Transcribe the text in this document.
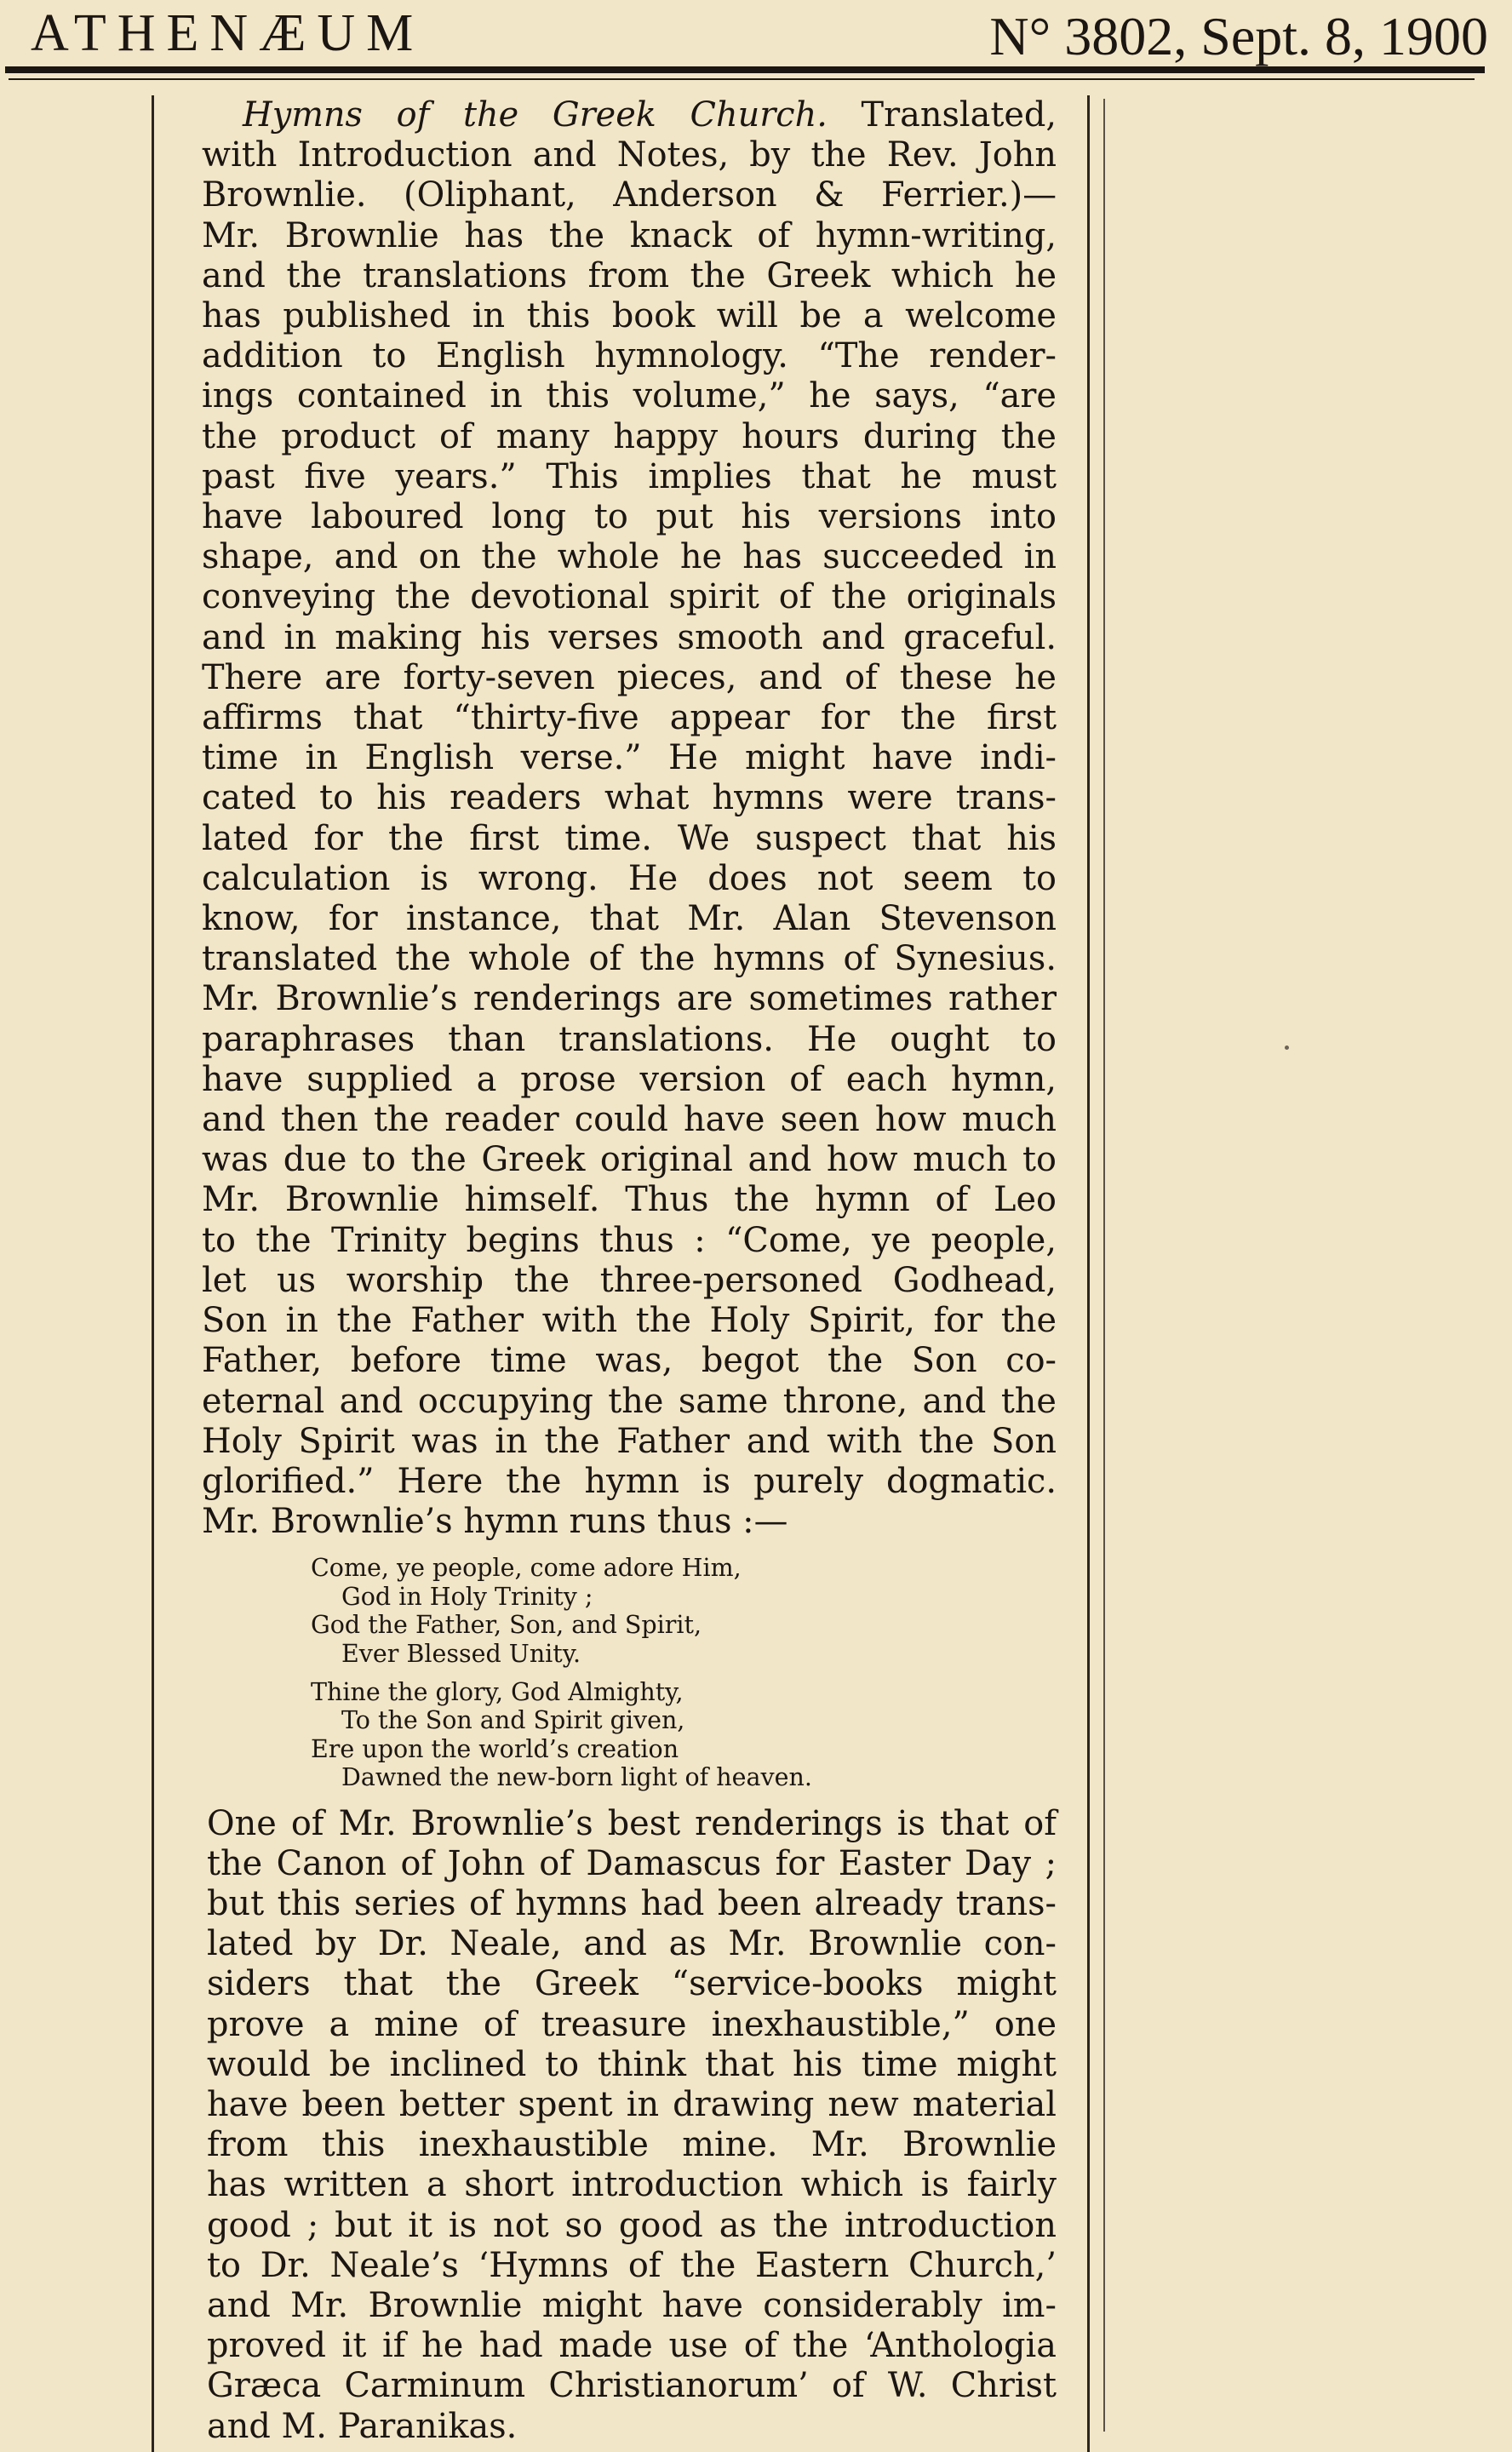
ATHENÆUM	N° 3802, Sept. 8, 1900

Hymns of the Greek Church. Translated,

with Introduction and Notes, by the Rev. John

Brownlie. (Oliphant, Anderson & Ferrier.)—

Mr. Brownlie has the knack of hymn-writing,

and the translations from the Greek which he

has published in this book will be a welcome

addition to English hymnology. “The render-

ings contained in this volume,” he says, “are

the product of many happy hours during the

past five years.” This implies that he must

have laboured long to put his versions into

shape, and on the whole he has succeeded in

conveying the devotional spirit of the originals

and in making his verses smooth and graceful.

There are forty-seven pieces, and of these he

affirms that “thirty-five appear for the first

time in English verse.” He might have indi-

cated to his readers what hymns were trans-

lated for the first time. We suspect that his

calculation is wrong. He does not seem to

know, for instance, that Mr. Alan Stevenson

translated the whole of the hymns of Synesius.

Mr. Brownlie’s renderings are sometimes rather

paraphrases than translations. He ought to

have supplied a prose version of each hymn,

and then the reader could have seen how much

was due to the Greek original and how much to

Mr. Brownlie himself. Thus the hymn of Leo

to the Trinity begins thus : “Come, ye people,

let us worship the three-personed Godhead,

Son in the Father with the Holy Spirit, for the

Father, before time was, begot the Son co-

eternal and occupying the same throne, and the

Holy Spirit was in the Father and with the Son

glorified.” Here the hymn is purely dogmatic.

Mr. Brownlie’s hymn runs thus :—

Come, ye people, come adore Him,

God in Holy Trinity ;

God the Father, Son, and Spirit,

Ever Blessed Unity.

Thine the glory, God Almighty,

To the Son and Spirit given,

Ere upon the world’s creation

Dawned the new-born light of heaven.

One of Mr. Brownlie’s best renderings is that of

the Canon of John of Damascus for Easter Day ;

but this series of hymns had been already trans-

lated by Dr. Neale, and as Mr. Brownlie con-

siders that the Greek “service-books might

prove a mine of treasure inexhaustible,” one

would be inclined to think that his time might

have been better spent in drawing new material

from this inexhaustible mine. Mr. Brownlie

has written a short introduction which is fairly

good ; but it is not so good as the introduction

to Dr. Neale’s ‘Hymns of the Eastern Church,’

and Mr. Brownlie might have considerably im-

proved it if he had made use of the ‘Anthologia

Græca Carminum Christianorum’ of W. Christ

and M. Paranikas.
